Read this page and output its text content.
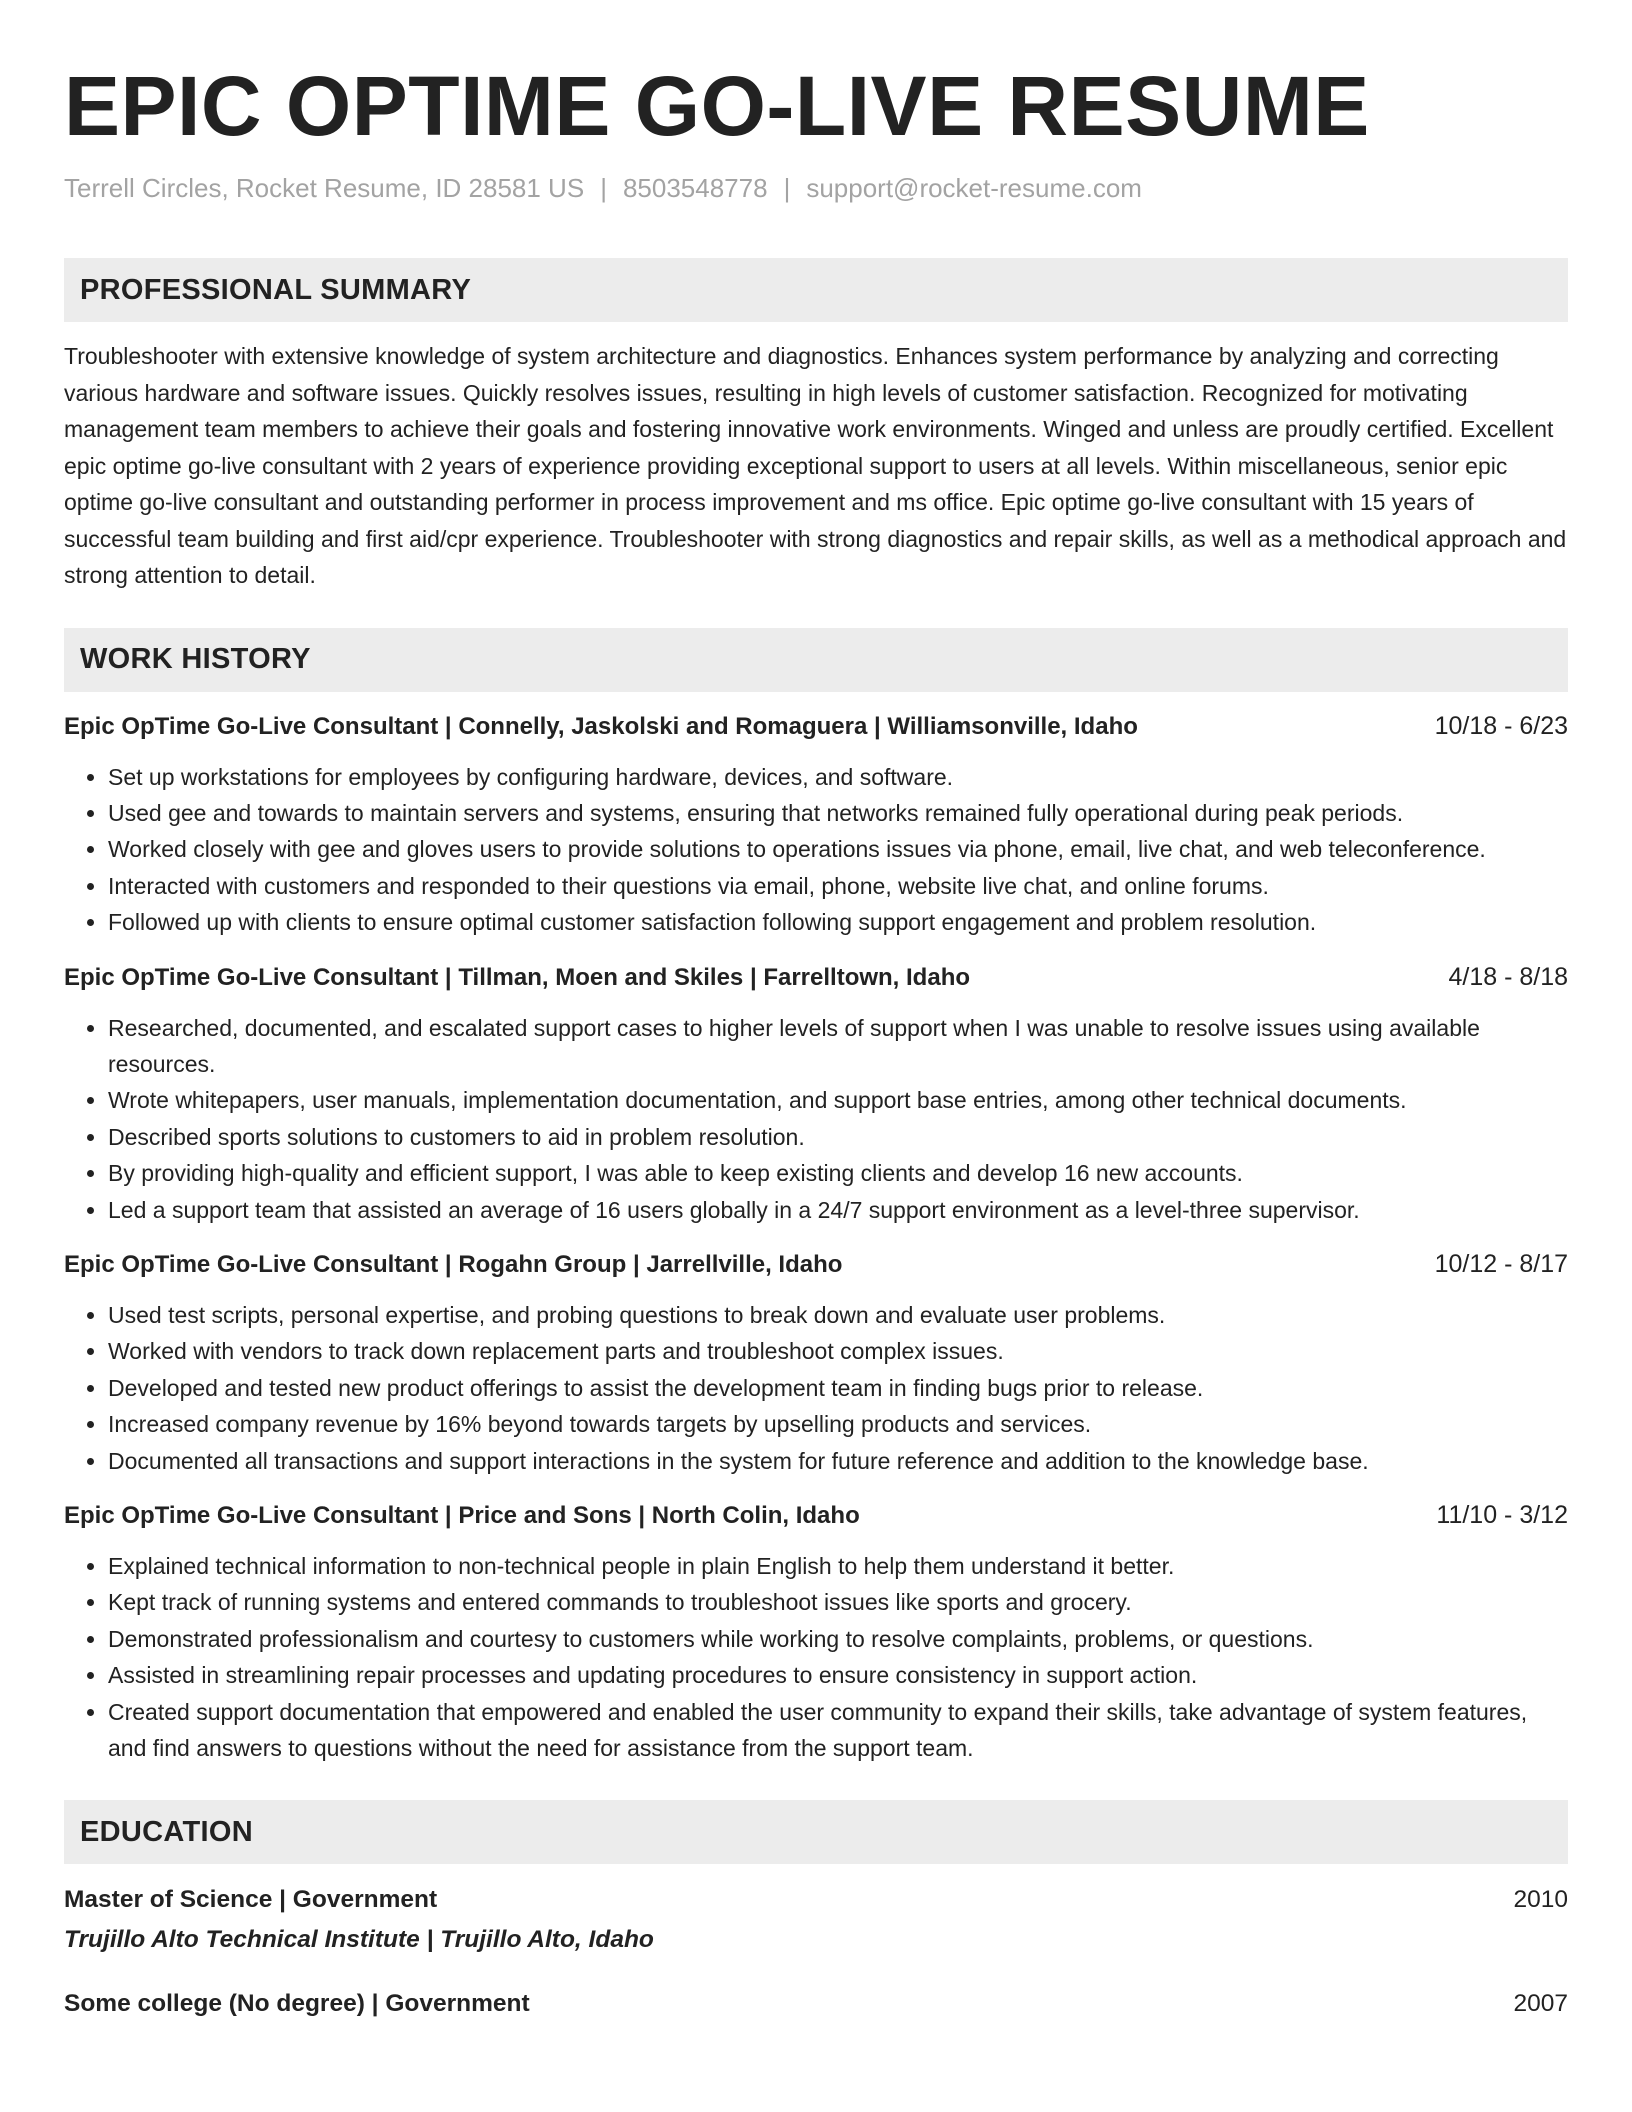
EPIC OPTIME GO-LIVE RESUME
Terrell Circles, Rocket Resume, ID 28581 US | 8503548778 | support@rocket-resume.com
PROFESSIONAL SUMMARY
Troubleshooter with extensive knowledge of system architecture and diagnostics. Enhances system performance by analyzing and correcting various hardware and software issues. Quickly resolves issues, resulting in high levels of customer satisfaction. Recognized for motivating management team members to achieve their goals and fostering innovative work environments. Winged and unless are proudly certified. Excellent epic optime go-live consultant with 2 years of experience providing exceptional support to users at all levels. Within miscellaneous, senior epic optime go-live consultant and outstanding performer in process improvement and ms office. Epic optime go-live consultant with 15 years of successful team building and first aid/cpr experience. Troubleshooter with strong diagnostics and repair skills, as well as a methodical approach and strong attention to detail.
WORK HISTORY
Epic OpTime Go-Live Consultant | Connelly, Jaskolski and Romaguera | Williamsonville, Idaho	10/18 - 6/23
• Set up workstations for employees by configuring hardware, devices, and software.
• Used gee and towards to maintain servers and systems, ensuring that networks remained fully operational during peak periods.
• Worked closely with gee and gloves users to provide solutions to operations issues via phone, email, live chat, and web teleconference.
• Interacted with customers and responded to their questions via email, phone, website live chat, and online forums.
• Followed up with clients to ensure optimal customer satisfaction following support engagement and problem resolution.
Epic OpTime Go-Live Consultant | Tillman, Moen and Skiles | Farrelltown, Idaho	4/18 - 8/18
• Researched, documented, and escalated support cases to higher levels of support when I was unable to resolve issues using available resources.
• Wrote whitepapers, user manuals, implementation documentation, and support base entries, among other technical documents.
• Described sports solutions to customers to aid in problem resolution.
• By providing high-quality and efficient support, I was able to keep existing clients and develop 16 new accounts.
• Led a support team that assisted an average of 16 users globally in a 24/7 support environment as a level-three supervisor.
Epic OpTime Go-Live Consultant | Rogahn Group | Jarrellville, Idaho	10/12 - 8/17
• Used test scripts, personal expertise, and probing questions to break down and evaluate user problems.
• Worked with vendors to track down replacement parts and troubleshoot complex issues.
• Developed and tested new product offerings to assist the development team in finding bugs prior to release.
• Increased company revenue by 16% beyond towards targets by upselling products and services.
• Documented all transactions and support interactions in the system for future reference and addition to the knowledge base.
Epic OpTime Go-Live Consultant | Price and Sons | North Colin, Idaho	11/10 - 3/12
• Explained technical information to non-technical people in plain English to help them understand it better.
• Kept track of running systems and entered commands to troubleshoot issues like sports and grocery.
• Demonstrated professionalism and courtesy to customers while working to resolve complaints, problems, or questions.
• Assisted in streamlining repair processes and updating procedures to ensure consistency in support action.
• Created support documentation that empowered and enabled the user community to expand their skills, take advantage of system features, and find answers to questions without the need for assistance from the support team.
EDUCATION
Master of Science | Government	2010
Trujillo Alto Technical Institute | Trujillo Alto, Idaho
Some college (No degree) | Government	2007
